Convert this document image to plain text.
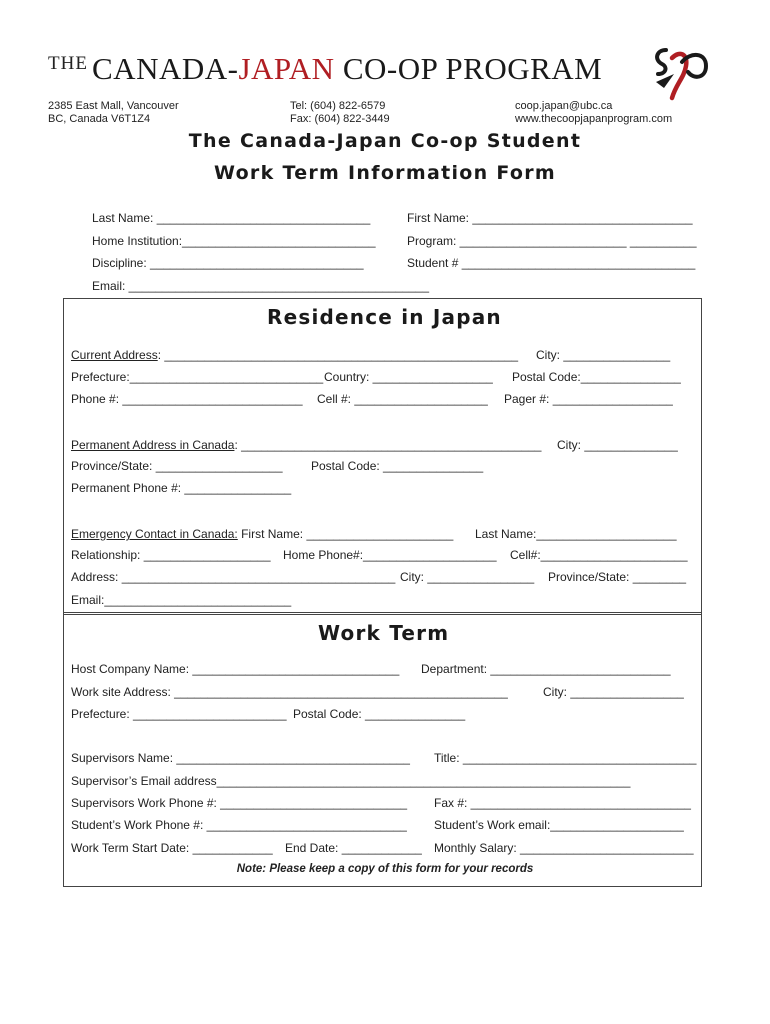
THE CANADA-JAPAN CO-OP PROGRAM
2385 East Mall, Vancouver
BC, Canada V6T1Z4
Tel: (604) 822-6579
Fax: (604) 822-3449
coop.japan@ubc.ca
www.thecoopjapanprogram.com
The Canada-Japan Co-op Student
Work Term Information Form
Last Name: ________________________________	First Name: _________________________________
Home Institution:_____________________________	Program: _________________________ __________
Discipline: ________________________________	Student # ___________________________________
Email: _____________________________________________
Residence in Japan
Current Address: _____________________________________________________ City: ________________
Prefecture:_____________________________ Country: __________________ Postal Code:_______________
Phone #: ___________________________ Cell #: ____________________ Pager #: __________________
Permanent Address in Canada: _____________________________________________ City: ______________
Province/State: ___________________ Postal Code: _______________
Permanent Phone #: ________________
Emergency Contact in Canada: First Name: ______________________ Last Name:_____________________
Relationship: ___________________ Home Phone#:____________________ Cell#:______________________
Address: _________________________________________ City: ________________ Province/State: ________
Email:____________________________
Work Term
Host Company Name: _______________________________ Department: ___________________________
Work site Address: __________________________________________________	City: _________________
Prefecture: _______________________ Postal Code: _______________
Supervisors Name: ___________________________________ Title: ___________________________________
Supervisor’s Email address______________________________________________________________
Supervisors Work Phone #: ____________________________ Fax #: _________________________________
Student’s Work Phone #: ______________________________ Student’s Work email:____________________
Work Term Start Date: ____________ End Date: ____________ Monthly Salary: __________________________
Note: Please keep a copy of this form for your records
